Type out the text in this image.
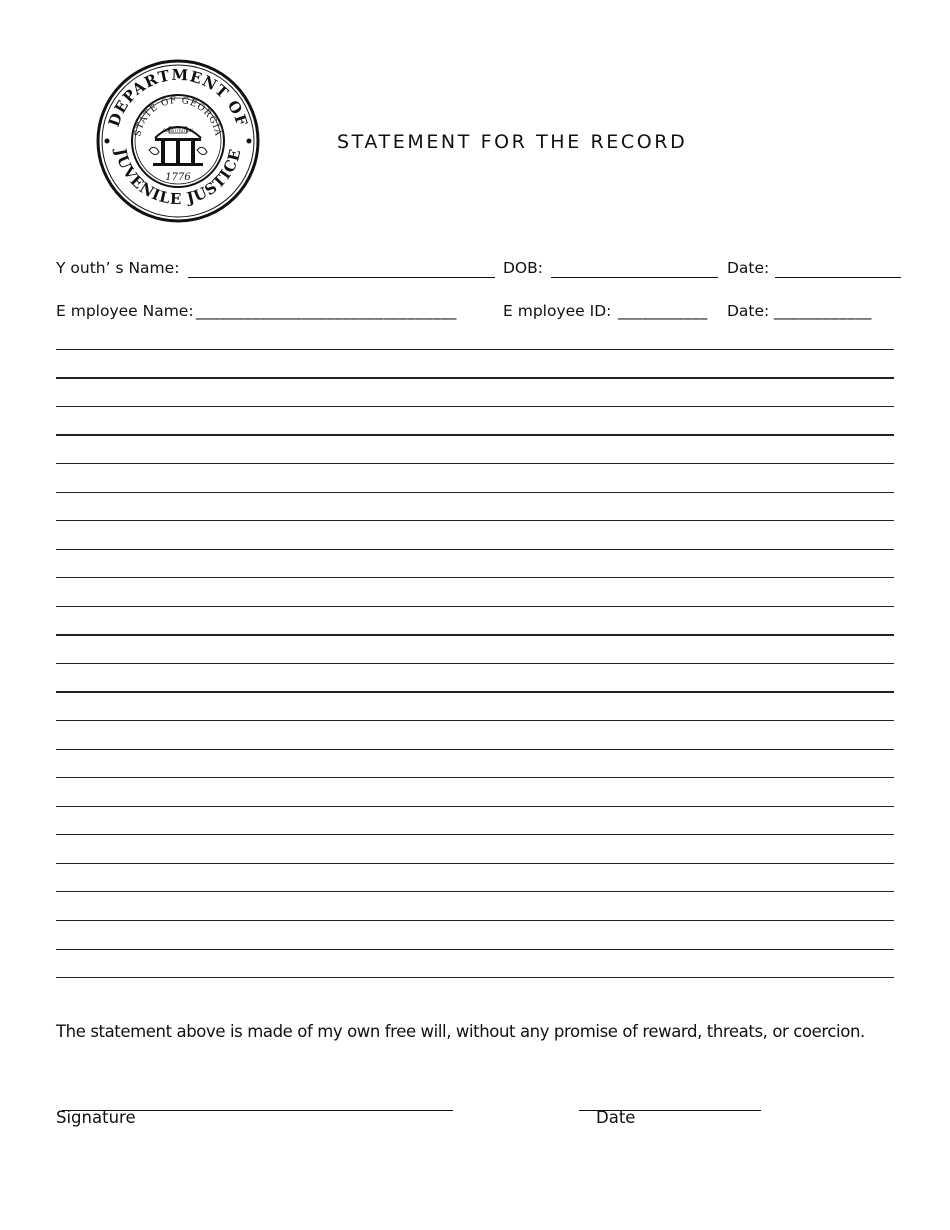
DEPARTMENT OF
JUVENILE JUSTICE
STATE OF GEORGIA
CONSTITUTION
1776
STATEMENT FOR THE RECORD
Y outh’ s Name:	DOB:	Date:
E mployee Name: ________________________________	E mployee ID: ___________ Date: ____________
The statement above is made of my own free will, without any promise of reward, threats, or coercion.
Signature	Date
